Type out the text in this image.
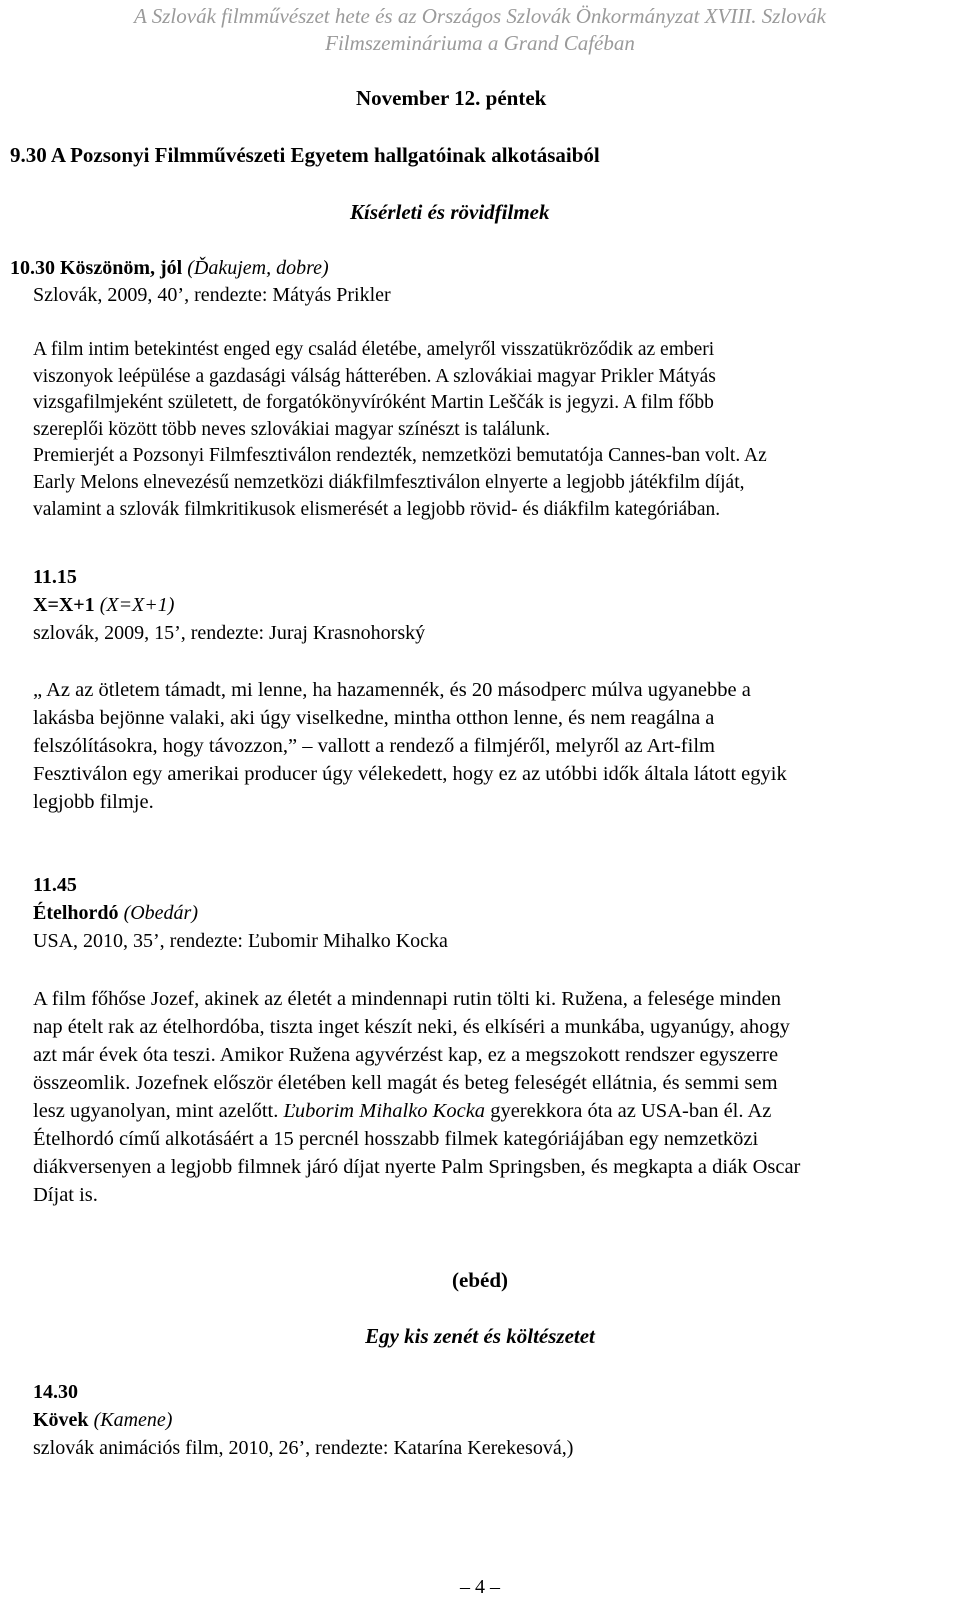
A Szlovák filmművészet hete és az Országos Szlovák Önkormányzat XVIII. Szlovák
Filmszemináriuma a Grand Caféban
November 12. péntek
9.30 A Pozsonyi Filmművészeti Egyetem hallgatóinak alkotásaiból
Kísérleti és rövidfilmek
10.30 Köszönöm, jól (Ďakujem, dobre)
Szlovák, 2009, 40’, rendezte: Mátyás Prikler
A film intim betekintést enged egy család életébe, amelyről visszatükröződik az emberi
viszonyok leépülése a gazdasági válság hátterében. A szlovákiai magyar Prikler Mátyás
vizsgafilmjeként született, de forgatókönyvíróként Martin Leščák is jegyzi. A film főbb
szereplői között több neves szlovákiai magyar színészt is találunk.
Premierjét a Pozsonyi Filmfesztiválon rendezték, nemzetközi bemutatója Cannes-ban volt. Az
Early Melons elnevezésű nemzetközi diákfilmfesztiválon elnyerte a legjobb játékfilm díját,
valamint a szlovák filmkritikusok elismerését a legjobb rövid- és diákfilm kategóriában.
11.15
X=X+1 (X=X+1)
szlovák, 2009, 15’, rendezte: Juraj Krasnohorský
„ Az az ötletem támadt, mi lenne, ha hazamennék, és 20 másodperc múlva ugyanebbe a
lakásba bejönne valaki, aki úgy viselkedne, mintha otthon lenne, és nem reagálna a
felszólításokra, hogy távozzon,” – vallott a rendező a filmjéről, melyről az Art-film
Fesztiválon egy amerikai producer úgy vélekedett, hogy ez az utóbbi idők általa látott egyik
legjobb filmje.
11.45
Ételhordó (Obedár)
USA, 2010, 35’, rendezte: Ľubomir Mihalko Kocka
A film főhőse Jozef, akinek az életét a mindennapi rutin tölti ki. Ružena, a felesége minden
nap ételt rak az ételhordóba, tiszta inget készít neki, és elkíséri a munkába, ugyanúgy, ahogy
azt már évek óta teszi. Amikor Ružena agyvérzést kap, ez a megszokott rendszer egyszerre
összeomlik. Jozefnek először életében kell magát és beteg feleségét ellátnia, és semmi sem
lesz ugyanolyan, mint azelőtt. Ľuborim Mihalko Kocka gyerekkora óta az USA-ban él. Az
Ételhordó című alkotásáért a 15 percnél hosszabb filmek kategóriájában egy nemzetközi
diákversenyen a legjobb filmnek járó díjat nyerte Palm Springsben, és megkapta a diák Oscar
Díjat is.
(ebéd)
Egy kis zenét és költészetet
14.30
Kövek (Kamene)
szlovák animációs film, 2010, 26’, rendezte: Katarína Kerekesová,)
– 4 –
